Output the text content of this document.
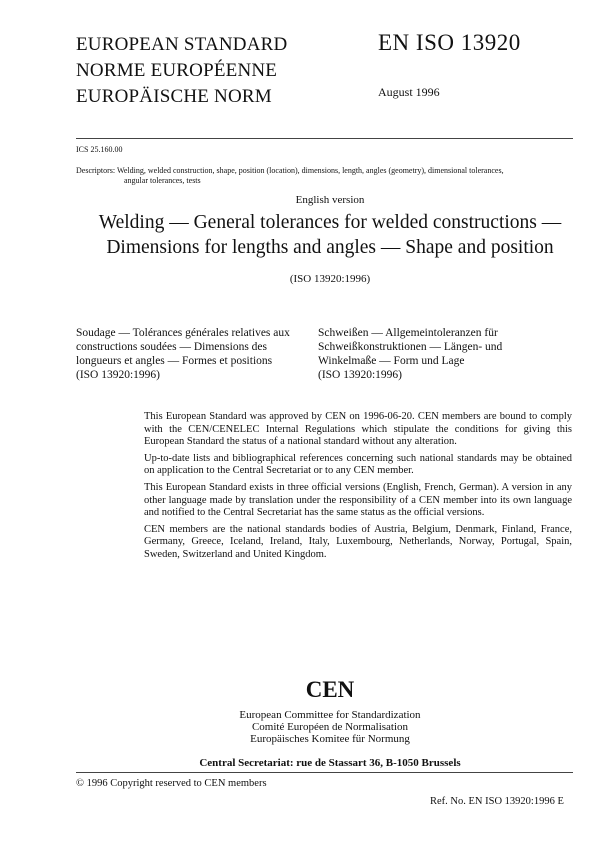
EUROPEAN STANDARD
NORME EUROPÉENNE
EUROPÄISCHE NORM
EN ISO 13920
August 1996
ICS 25.160.00
Descriptors: Welding, welded construction, shape, position (location), dimensions, length, angles (geometry), dimensional tolerances,
angular tolerances, tests
English version
Welding — General tolerances for welded constructions —
Dimensions for lengths and angles — Shape and position
(ISO 13920:1996)
Soudage — Tolérances générales relatives aux
constructions soudées — Dimensions des
longueurs et angles — Formes et positions
(ISO 13920:1996)
Schweißen — Allgemeintoleranzen für
Schweißkonstruktionen — Längen- und
Winkelmaße — Form und Lage
(ISO 13920:1996)

This European Standard was approved by CEN on 1996-06-20. CEN members are bound to comply with the CEN/CENELEC Internal Regulations which stipulate the conditions for giving this European Standard the status of a national standard without any alteration.

Up-to-date lists and bibliographical references concerning such national standards may be obtained on application to the Central Secretariat or to any CEN member.

This European Standard exists in three official versions (English, French, German). A version in any other language made by translation under the responsibility of a CEN member into its own language and notified to the Central Secretariat has the same status as the official versions.

CEN members are the national standards bodies of Austria, Belgium, Denmark, Finland, France, Germany, Greece, Iceland, Ireland, Italy, Luxembourg, Netherlands, Norway, Portugal, Spain, Sweden, Switzerland and United Kingdom.

CEN
European Committee for Standardization
Comité Européen de Normalisation
Europäisches Komitee für Normung
Central Secretariat: rue de Stassart 36, B-1050 Brussels
© 1996 Copyright reserved to CEN members
Ref. No. EN ISO 13920:1996 E
